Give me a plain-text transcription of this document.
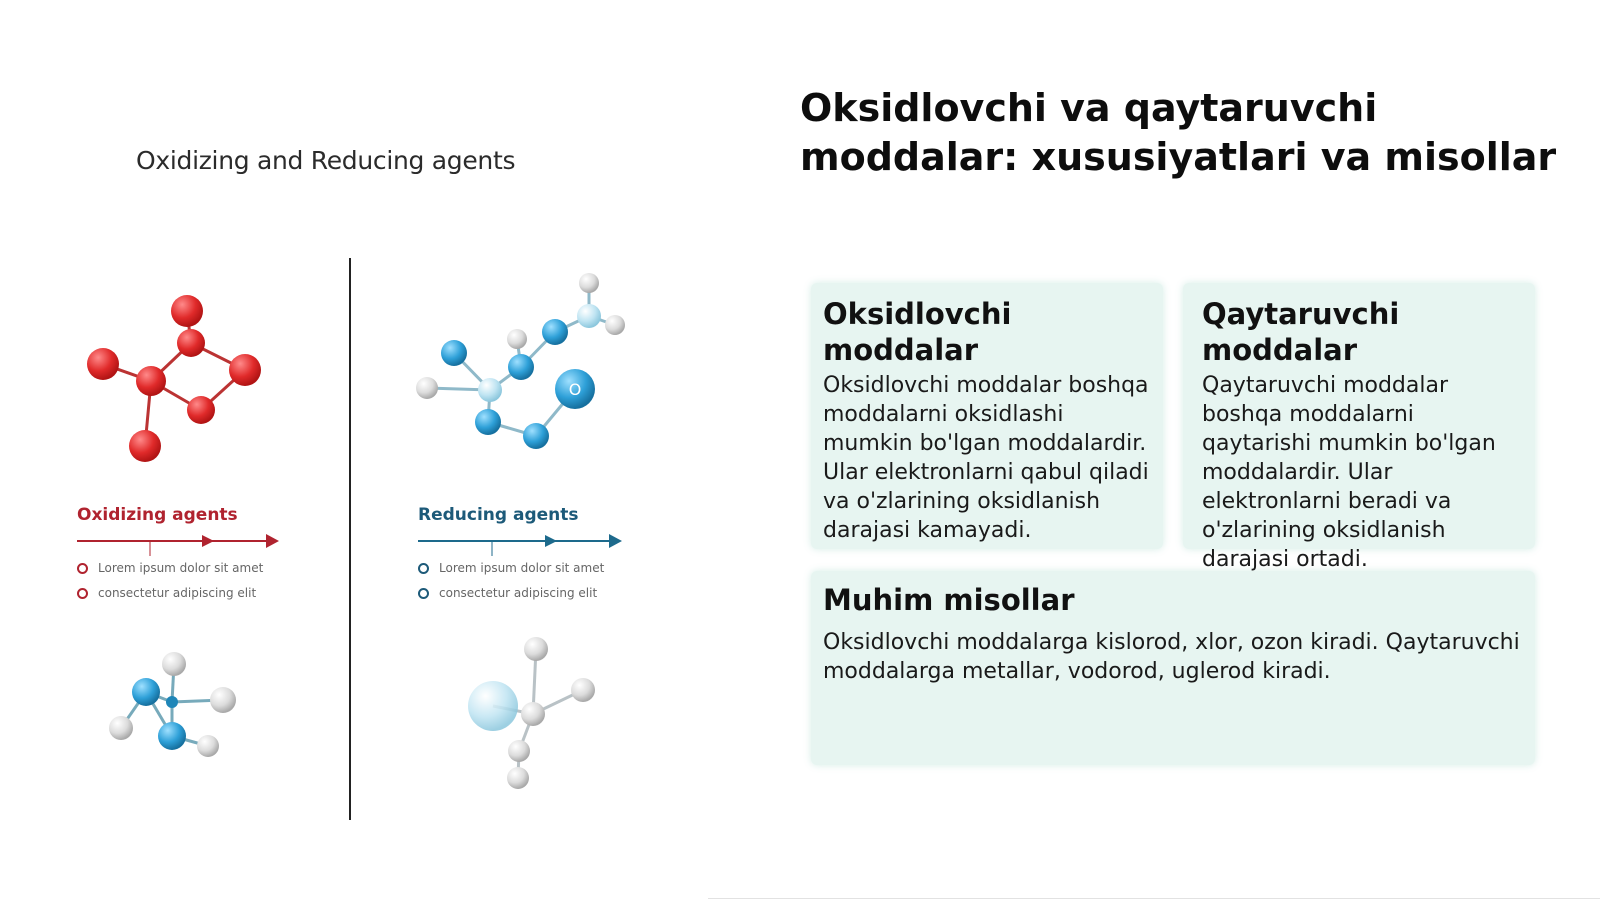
Oxidizing and Reducing agents
O
Oxidizing agents	Reducing agents
Lorem ipsum dolor sit amet
consectetur adipiscing elit
Lorem ipsum dolor sit amet
consectetur adipiscing elit
Oksidlovchi va qaytaruvchi moddalar: xususiyatlari va misollar
Oksidlovchi moddalar
Oksidlovchi moddalar boshqa moddalarni oksidlashi mumkin bo'lgan moddalardir. Ular elektronlarni qabul qiladi va o'zlarining oksidlanish darajasi kamayadi.
Qaytaruvchi moddalar
Qaytaruvchi moddalar boshqa moddalarni qaytarishi mumkin bo'lgan moddalardir. Ular elektronlarni beradi va o'zlarining oksidlanish darajasi ortadi.
Muhim misollar
Oksidlovchi moddalarga kislorod, xlor, ozon kiradi. Qaytaruvchi moddalarga metallar, vodorod, uglerod kiradi.
